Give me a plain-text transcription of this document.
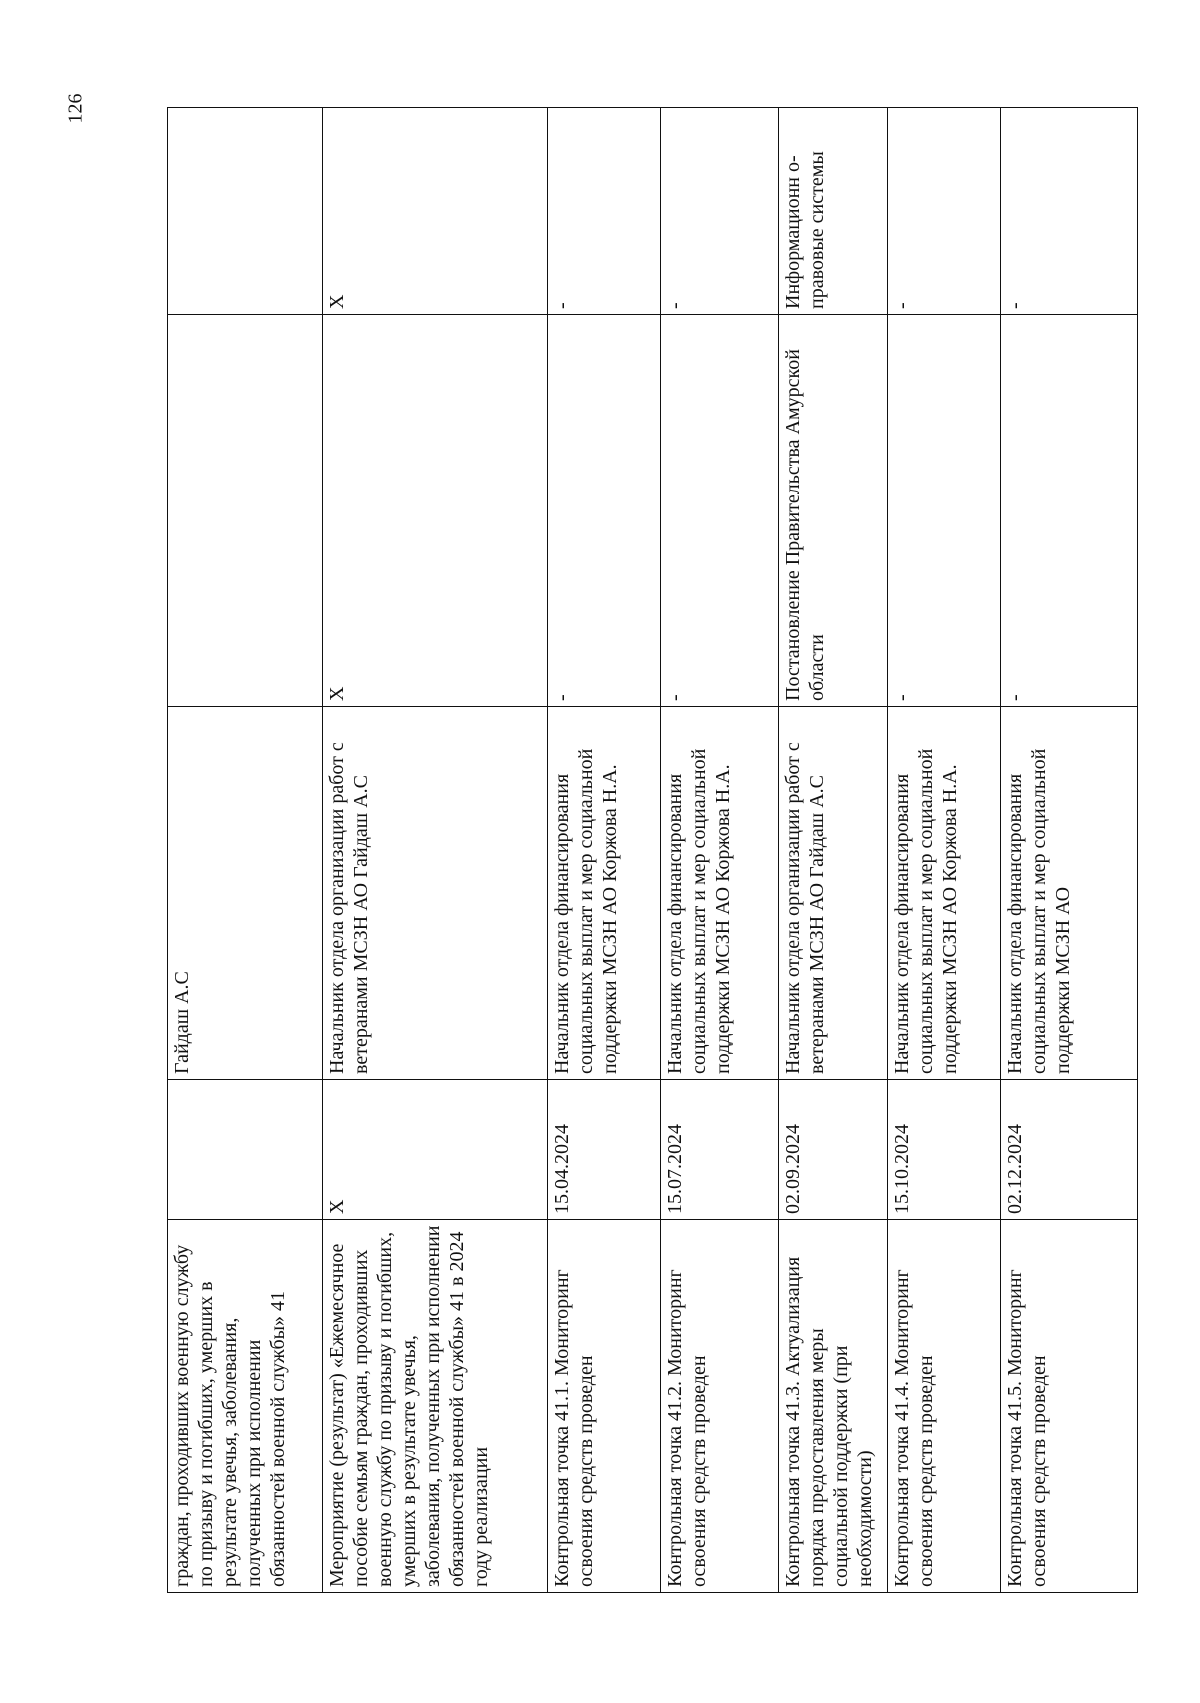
126
граждан, проходивших военную службу по призыву и погибших, умерших в результате увечья, заболевания, полученных при исполнении обязанностей военной службы» 41		Гайдаш А.С		
Мероприятие (результат) «Ежемесячное пособие семьям граждан, проходивших военную службу по призыву и погибших, умерших в результате увечья, заболевания, полученных при исполнении обязанностей военной службы» 41 в 2024 году реализации	X	Начальник отдела организации работ с ветеранами МСЗН АО Гайдаш А.С	X	X
Контрольная точка 41.1. Мониторинг освоения средств проведен	15.04.2024	Начальник отдела финансирования социальных выплат и мер социальной поддержки МСЗН АО Коржова Н.А.	-	-
Контрольная точка 41.2. Мониторинг освоения средств проведен	15.07.2024	Начальник отдела финансирования социальных выплат и мер социальной поддержки МСЗН АО Коржова Н.А.	-	-
Контрольная точка 41.3. Актуализация порядка предоставления меры социальной поддержки (при необходимости)	02.09.2024	Начальник отдела организации работ с ветеранами МСЗН АО Гайдаш А.С	Постановление Правительства Амурской области	Информационн о-правовые системы
Контрольная точка 41.4. Мониторинг освоения средств проведен	15.10.2024	Начальник отдела финансирования социальных выплат и мер социальной поддержки МСЗН АО Коржова Н.А.	-	-
Контрольная точка 41.5. Мониторинг освоения средств проведен	02.12.2024	Начальник отдела финансирования социальных выплат и мер социальной поддержки МСЗН АО	-	-
